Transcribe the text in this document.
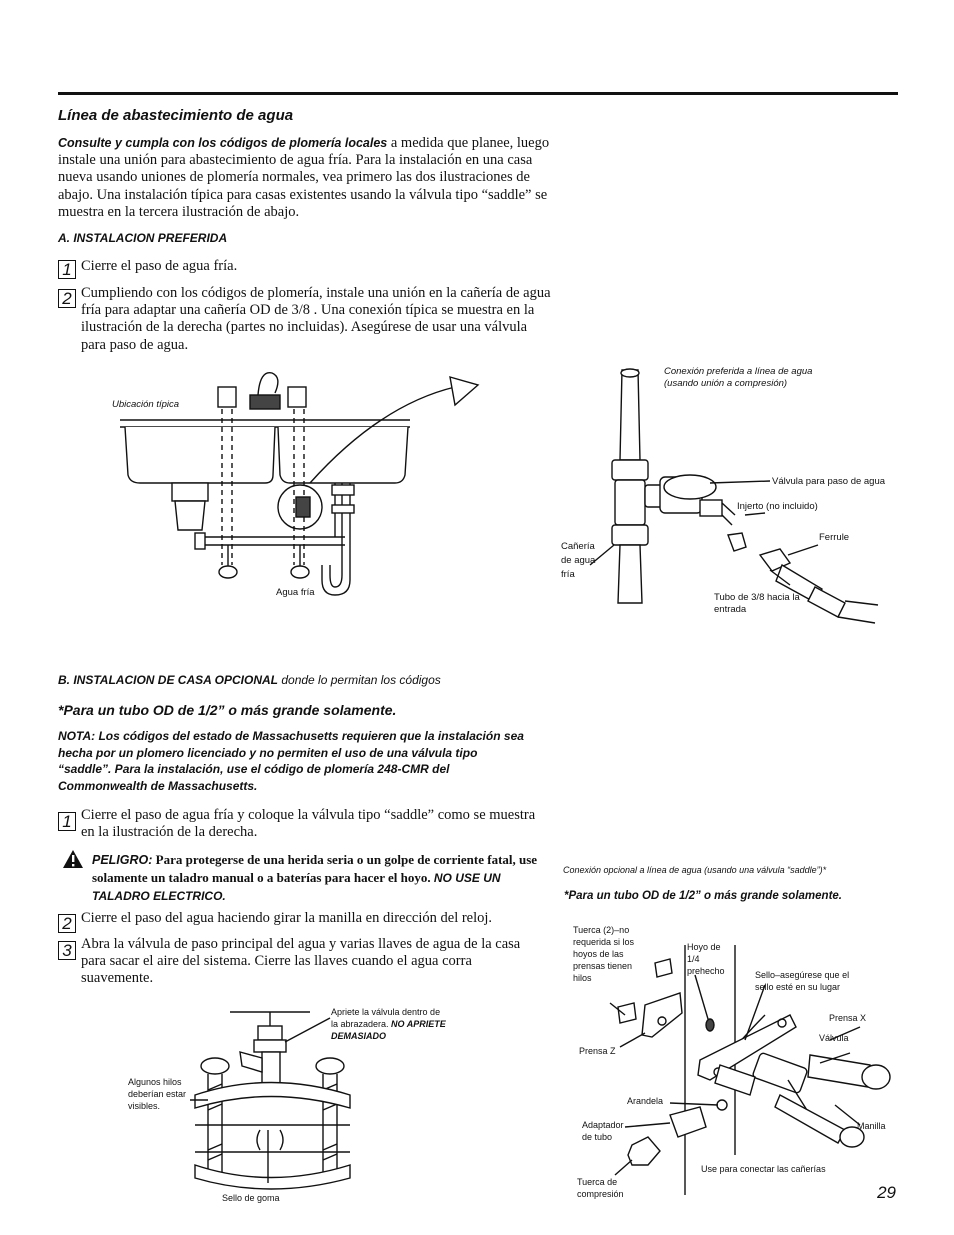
Línea de abastecimiento de agua
Consulte y cumpla con los códigos de plomería locales a medida que planee, luego instale una unión para abastecimiento de agua fría. Para la instalación en una casa nueva usando uniones de plomería normales, vea primero las dos ilustraciones de abajo. Una instalación típica para casas existentes usando la válvula tipo “saddle” se muestra en la tercera ilustración de abajo.
A. INSTALACION PREFERIDA
1 Cierre el paso de agua fría.
2 Cumpliendo con los códigos de plomería, instale una unión en la cañería de agua fría para adaptar una cañería OD de 3/8 . Una conexión típica se muestra en la ilustración de la derecha (partes no incluidas). Asegúrese de usar una válvula para paso de agua.
Ubicación típica
Agua fría
Conexión preferida a línea de agua (usando unión a compresión)
Válvula para paso de agua
Injerto (no incluido)
Ferrule
Cañería de agua fría
Tubo de 3/8 hacia la entrada
B. INSTALACION DE CASA OPCIONAL donde lo permitan los códigos
*Para un tubo OD de 1/2” o más grande solamente.
NOTA: Los códigos del estado de Massachusetts requieren que la instalación sea hecha por un plomero licenciado y no permiten el uso de una válvula tipo “saddle”. Para la instalación, use el código de plomería 248-CMR del Commonwealth de Massachusetts.
1 Cierre el paso de agua fría y coloque la válvula tipo “saddle” como se muestra en la ilustración de la derecha.
PELIGRO: Para protegerse de una herida seria o un golpe de corriente fatal, use solamente un taladro manual o a baterías para hacer el hoyo. NO USE UN TALADRO ELECTRICO.
2 Cierre el paso del agua haciendo girar la manilla en dirección del reloj.
3 Abra la válvula de paso principal del agua y varias llaves de agua de la casa para sacar el aire del sistema. Cierre las llaves cuando el agua corra suavemente.
Apriete la válvula dentro de la abrazadera. NO APRIETE DEMASIADO
Algunos hilos deberían estar visibles.
Sello de goma
Conexión opcional a línea de agua (usando una válvula “saddle”)*
*Para un tubo OD de 1/2” o más grande solamente.
Tuerca (2)–no requerida si los hoyos de las prensas tienen hilos
Hoyo de 1/4 prehecho	Sello–asegúrese que el sello esté en su lugar
Prensa X
Válvula
Prensa Z
Arandela
Adaptador de tubo
Manilla
Tuerca de compresión
Use para conectar las cañerías
29
